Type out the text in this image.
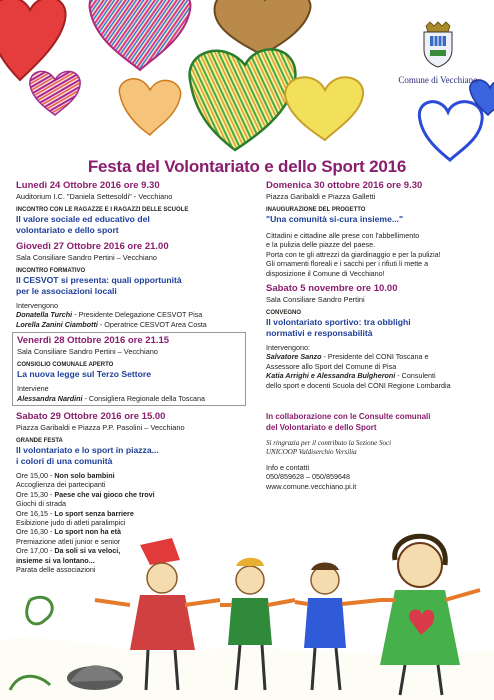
Comune di Vecchiano
Festa del Volontariato e dello Sport 2016
Lunedì 24 Ottobre 2016 ore 9.30
Auditorium I.C. "Daniela Settesoldi" - Vecchiano
INCONTRO CON LE RAGAZZE E I RAGAZZI DELLE SCUOLE
Il valore sociale ed educativo del
volontariato e dello sport
Giovedì 27 Ottobre 2016 ore 21.00
Sala Consiliare Sandro Pertini – Vecchiano
INCONTRO FORMATIVO
Il CESVOT si presenta: quali opportunità
per le associazioni locali
Intervengono
Donatella Turchi - Presidente Delegazione CESVOT Pisa
Lorella Zanini Ciambotti - Operatrice CESVOT Area Costa
Venerdì 28 Ottobre 2016 ore 21.15
Sala Consiliare Sandro Pertini – Vecchiano
CONSIGLIO COMUNALE APERTO
La nuova legge sul Terzo Settore
Interviene
Alessandra Nardini - Consigliera Regionale della Toscana
Sabato 29 Ottobre 2016 ore 15.00
Piazza Garibaldi e Piazza P.P. Pasolini – Vecchiano
GRANDE FESTA
Il volontariato e lo sport in piazza...
i colori di una comunità
Ore 15,00 - Non solo bambini
Accoglienza dei partecipanti
Ore 15,30 - Paese che vai gioco che trovi
Giochi di strada
Ore 16,15 - Lo sport senza barriere
Esibizione judo di atleti paralimpici
Ore 16,30 - Lo sport non ha età
Premiazione atleti junior e senior
Ore 17,00 - Da soli si va veloci,
insieme si va lontano...
Parata delle associazioni
Domenica 30 ottobre 2016 ore 9.30
Piazza Garibaldi e Piazza Galletti
INAUGURAZIONE DEL PROGETTO
"Una comunità si-cura insieme..."
Cittadini e cittadine alle prese con l'abbellimento
e la pulizia delle piazze del paese.
Porta con te gli attrezzi da giardinaggio e per la pulizia!
Gli ornamenti floreali e i sacchi per i rifiuti li mette a
disposizione il Comune di Vecchiano!
Sabato 5 novembre ore 10.00
Sala Consiliare Sandro Pertini
CONVEGNO
Il volontariato sportivo: tra obblighi
normativi e responsabilità
Intervengono:
Salvatore Sanzo - Presidente del CONI Toscana e
Assessore allo Sport del Comune di Pisa
Katia Arrighi e Alessandra Bulgheroni - Consulenti
dello sport e docenti Scuola del CONI Regione Lombardia
In collaborazione con le Consulte comunali
del Volontariato e dello Sport
Si ringrazia per il contributo la Sezione Soci
UNICOOP Valdiserchio Versilia
Info e contatti
050/859628 – 050/859648
www.comune.vecchiano.pi.it
